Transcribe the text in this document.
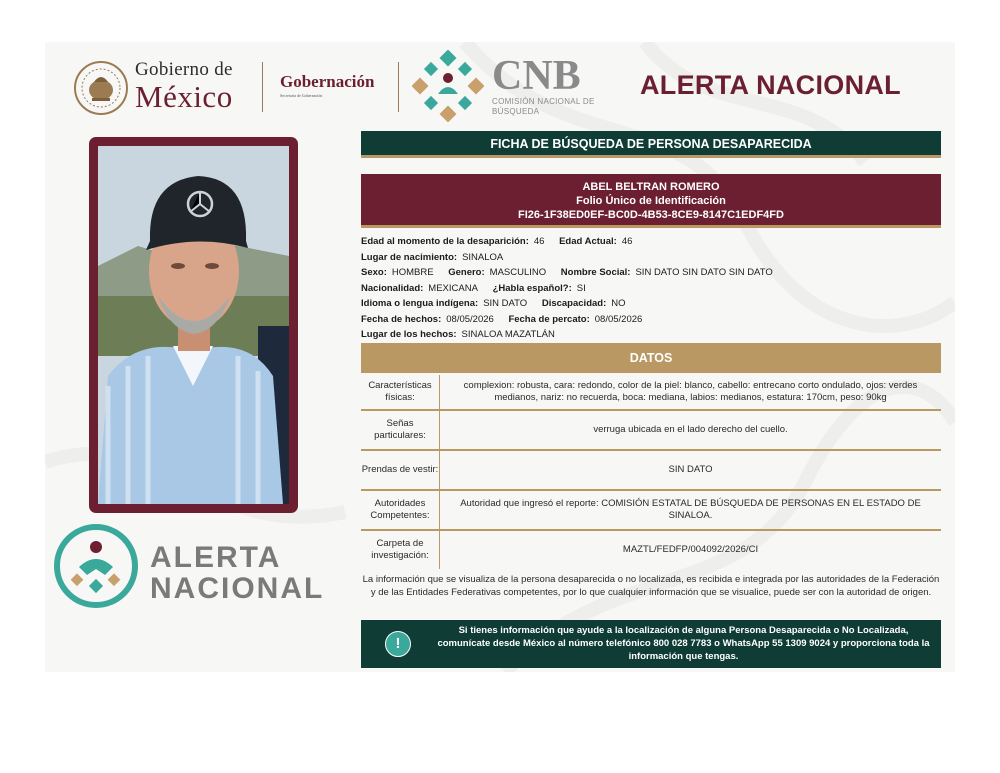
Gobierno de
México	Gobernación
Secretaría de Gobernación	CNB
COMISIÓN NACIONAL DE BÚSQUEDA
ALERTA NACIONAL
ALERTA
NACIONAL
FICHA DE BÚSQUEDA DE PERSONA DESAPARECIDA
ABEL BELTRAN ROMERO
Folio Único de Identificación
FI26-1F38ED0EF-BC0D-4B53-8CE9-8147C1EDF4FD
Edad al momento de la desaparición: 46 Edad Actual: 46
Lugar de nacimiento: SINALOA
Sexo: HOMBRE Genero: MASCULINO Nombre Social: SIN DATO SIN DATO SIN DATO
Nacionalidad: MEXICANA ¿Habla español?: SI
Idioma o lengua indígena: SIN DATO Discapacidad: NO
Fecha de hechos: 08/05/2026 Fecha de percato: 08/05/2026
Lugar de los hechos: SINALOA MAZATLÁN
DATOS
Características físicas:
complexion: robusta, cara: redondo, color de la piel: blanco, cabello: entrecano corto ondulado, ojos: verdes medianos, nariz: no recuerda, boca: mediana, labios: medianos, estatura: 170cm, peso: 90kg
Señas particulares:
verruga ubicada en el lado derecho del cuello.
Prendas de vestir:	SIN DATO
Autoridades Competentes:
Autoridad que ingresó el reporte: COMISIÓN ESTATAL DE BÚSQUEDA DE PERSONAS EN EL ESTADO DE SINALOA.
Carpeta de investigación:
MAZTL/FEDFP/004092/2026/CI
La información que se visualiza de la persona desaparecida o no localizada, es recibida e integrada por las autoridades de la Federación y de las Entidades Federativas competentes, por lo que cualquier información que se visualice, puede ser con la autoridad de origen.
!
Si tienes información que ayude a la localización de alguna Persona Desaparecida o No Localizada, comunícate desde México al número telefónico 800 028 7783 o WhatsApp 55 1309 9024 y proporciona toda la información que tengas.
